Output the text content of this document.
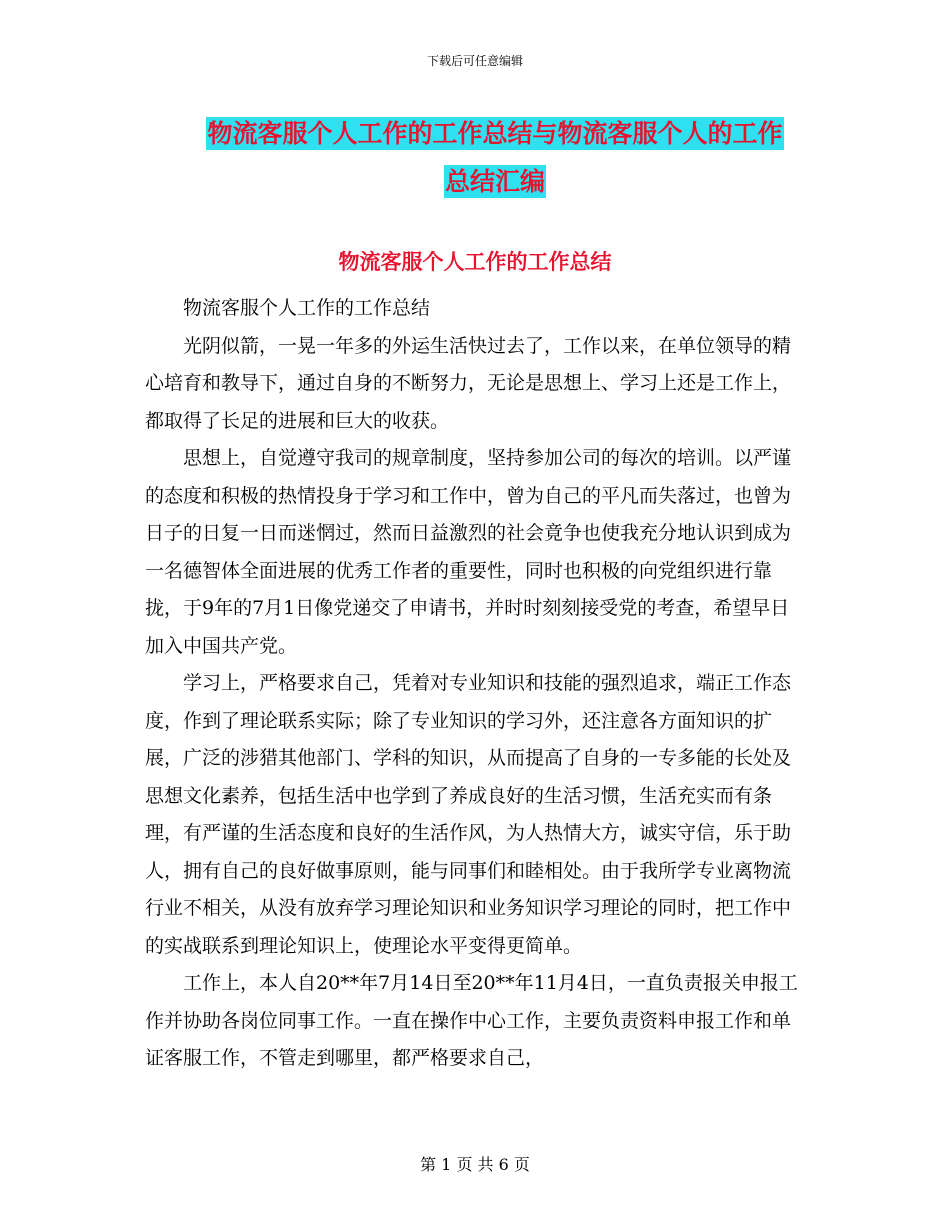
下载后可任意编辑
物流客服个人工作的工作总结与物流客服个人的工作
总结汇编
物流客服个人工作的工作总结

物流客服个人工作的工作总结

光阴似箭，一晃一年多的外运生活快过去了，工作以来，在单位领导的精心培育和教导下，通过自身的不断努力，无论是思想上、学习上还是工作上，都取得了长足的进展和巨大的收获。

思想上，自觉遵守我司的规章制度，坚持参加公司的每次的培训。以严谨的态度和积极的热情投身于学习和工作中，曾为自己的平凡而失落过，也曾为日子的日复一日而迷惘过，然而日益激烈的社会竟争也使我充分地认识到成为一名德智体全面进展的优秀工作者的重要性，同时也积极的向党组织进行靠拢，于9年的7月1日像党递交了申请书，并时时刻刻接受党的考查，希望早日加入中国共产党。

学习上，严格要求自己，凭着对专业知识和技能的强烈追求，端正工作态度，作到了理论联系实际；除了专业知识的学习外，还注意各方面知识的扩展，广泛的涉猎其他部门、学科的知识，从而提高了自身的一专多能的长处及思想文化素养，包括生活中也学到了养成良好的生活习惯，生活充实而有条理，有严谨的生活态度和良好的生活作风，为人热情大方，诚实守信，乐于助人，拥有自己的良好做事原则，能与同事们和睦相处。由于我所学专业离物流行业不相关，从没有放弃学习理论知识和业务知识学习理论的同时，把工作中的实战联系到理论知识上，使理论水平变得更简单。

工作上，本人自20**年7月14日至20**年11月4日，一直负责报关申报工作并协助各岗位同事工作。一直在操作中心工作，主要负责资料申报工作和单证客服工作，不管走到哪里，都严格要求自己，

第 1 页 共 6 页
